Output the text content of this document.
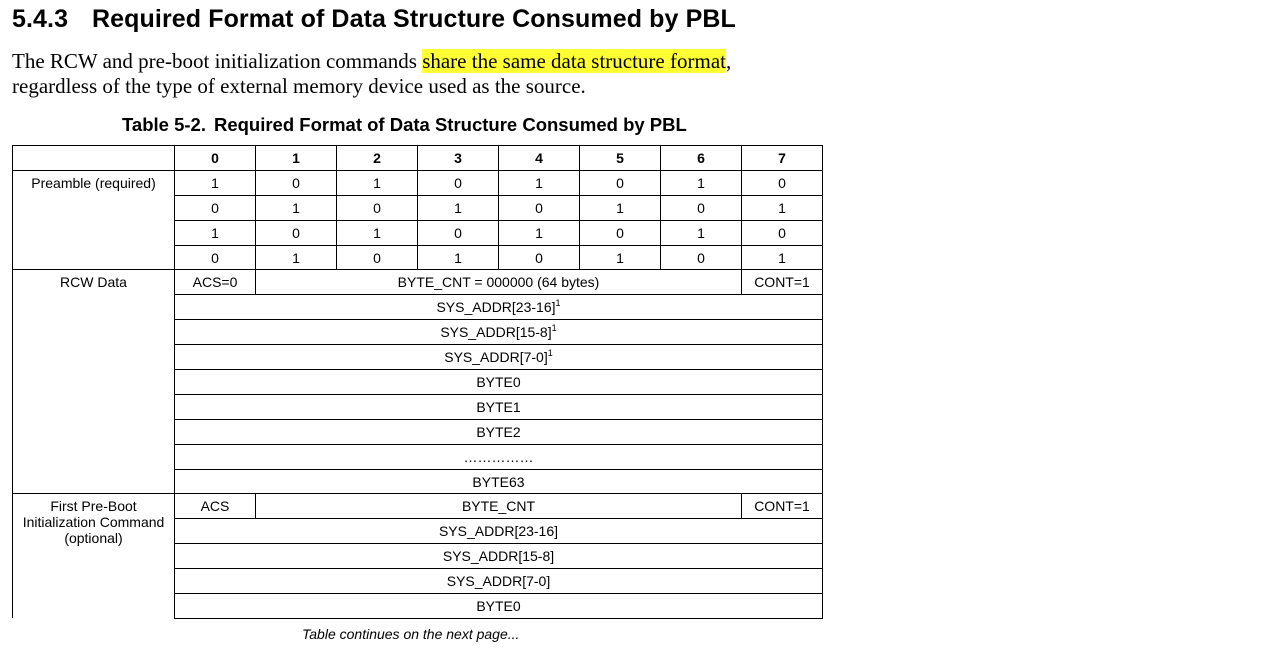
5.4.3 Required Format of Data Structure Consumed by PBL
The RCW and pre-boot initialization commands share the same data structure format, regardless of the type of external memory device used as the source.
Table 5-2. Required Format of Data Structure Consumed by PBL
	0	1	2	3	4	5	6	7
Preamble (required)	1	0	1	0	1	0	1	0
	0	1	0	1	0	1	0	1
	1	0	1	0	1	0	1	0
	0	1	0	1	0	1	0	1
RCW Data	ACS=0	BYTE_CNT = 000000 (64 bytes)						CONT=1
	$SYS\_ADDR[23-16]^1$
	$SYS\_ADDR[15-8]^1$
	$SYS\_ADDR[7-0]^1$
	BYTE0							
	BYTE1							
	BYTE2							
	……………							
	BYTE63							
First Pre-Boot Initialization Command (optional)	ACS	BYTE_CNT						CONT=1
	SYS_ADDR[23-16]							
	SYS_ADDR[15-8]							
	SYS_ADDR[7-0]							
	BYTE0							
Table continues on the next page...
